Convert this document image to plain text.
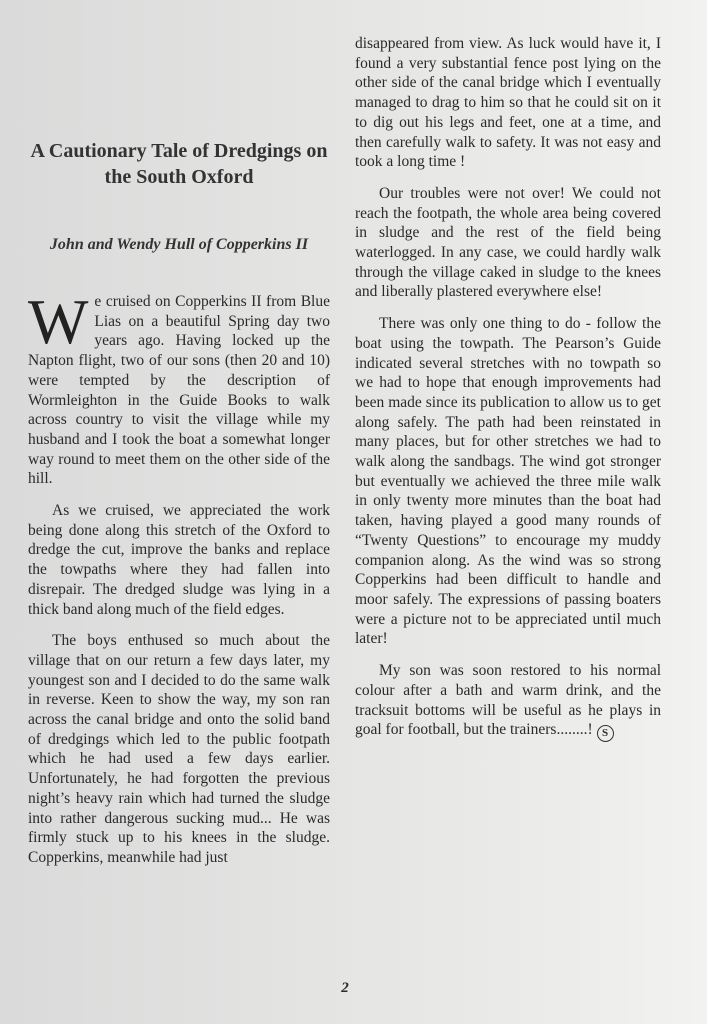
A Cautionary Tale of Dredgings on the South Oxford
John and Wendy Hull of Copperkins II

We cruised on Copperkins II from Blue Lias on a beautiful Spring day two years ago. Having locked up the Napton flight, two of our sons (then 20 and 10) were tempted by the description of Wormleighton in the Guide Books to walk across country to visit the village while my husband and I took the boat a somewhat longer way round to meet them on the other side of the hill.

As we cruised, we appreciated the work being done along this stretch of the Oxford to dredge the cut, improve the banks and replace the towpaths where they had fallen into disrepair. The dredged sludge was lying in a thick band along much of the field edges.

The boys enthused so much about the village that on our return a few days later, my youngest son and I decided to do the same walk in reverse. Keen to show the way, my son ran across the canal bridge and onto the solid band of dredgings which led to the public footpath which he had used a few days earlier. Unfortunately, he had forgotten the previous night’s heavy rain which had turned the sludge into rather dangerous sucking mud... He was firmly stuck up to his knees in the sludge. Copperkins, meanwhile had just

disappeared from view. As luck would have it, I found a very substantial fence post lying on the other side of the canal bridge which I eventually managed to drag to him so that he could sit on it to dig out his legs and feet, one at a time, and then carefully walk to safety. It was not easy and took a long time !

Our troubles were not over! We could not reach the footpath, the whole area being covered in sludge and the rest of the field being waterlogged. In any case, we could hardly walk through the village caked in sludge to the knees and liberally plastered everywhere else!

There was only one thing to do - follow the boat using the towpath. The Pearson’s Guide indicated several stretches with no towpath so we had to hope that enough improvements had been made since its publication to allow us to get along safely. The path had been reinstated in many places, but for other stretches we had to walk along the sandbags. The wind got stronger but eventually we achieved the three mile walk in only twenty more minutes than the boat had taken, having played a good many rounds of “Twenty Questions” to encourage my muddy companion along. As the wind was so strong Copperkins had been difficult to handle and moor safely. The expressions of passing boaters were a picture not to be appreciated until much later!

My son was soon restored to his normal colour after a bath and warm drink, and the tracksuit bottoms will be useful as he plays in goal for football, but the trainers........! S

2
